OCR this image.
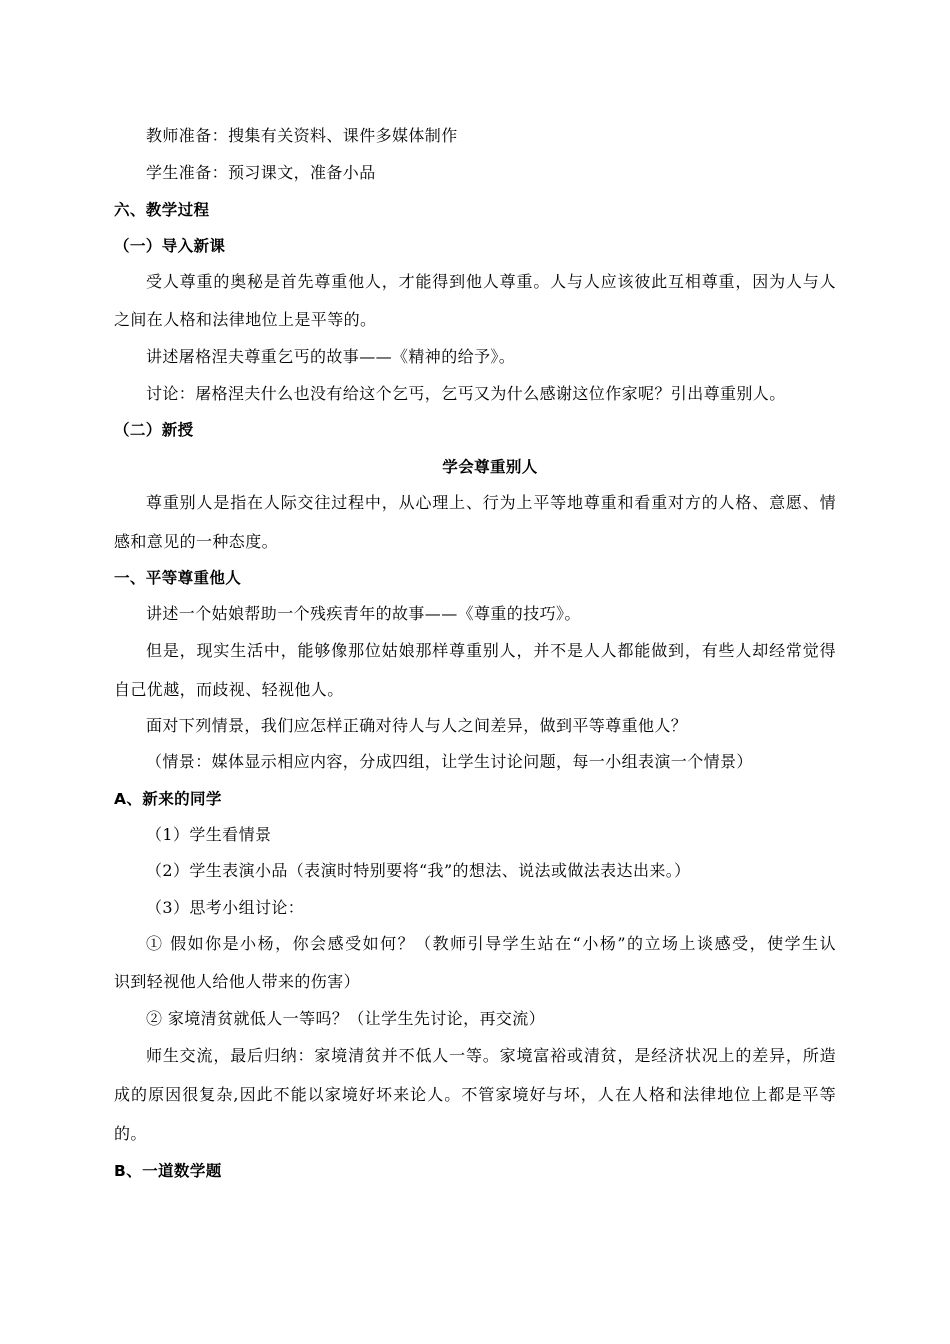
教师准备：搜集有关资料、课件多媒体制作
学生准备：预习课文，准备小品
六、教学过程
（一）导入新课
受人尊重的奥秘是首先尊重他人，才能得到他人尊重。人与人应该彼此互相尊重，因为人与人
之间在人格和法律地位上是平等的。
讲述屠格涅夫尊重乞丐的故事——《精神的给予》。
讨论：屠格涅夫什么也没有给这个乞丐，乞丐又为什么感谢这位作家呢？引出尊重别人。
（二）新授
学会尊重别人
尊重别人是指在人际交往过程中，从心理上、行为上平等地尊重和看重对方的人格、意愿、情
感和意见的一种态度。
一、平等尊重他人
讲述一个姑娘帮助一个残疾青年的故事——《尊重的技巧》。
但是，现实生活中，能够像那位姑娘那样尊重别人，并不是人人都能做到，有些人却经常觉得
自己优越，而歧视、轻视他人。
面对下列情景，我们应怎样正确对待人与人之间差异，做到平等尊重他人？
（情景：媒体显示相应内容，分成四组，让学生讨论问题，每一小组表演一个情景）
A、新来的同学
（1）学生看情景
（2）学生表演小品（表演时特别要将“我”的想法、说法或做法表达出来。）
（3）思考小组讨论：
① 假如你是小杨，你会感受如何？（教师引导学生站在“小杨”的立场上谈感受，使学生认
识到轻视他人给他人带来的伤害）
② 家境清贫就低人一等吗？（让学生先讨论，再交流）
师生交流，最后归纳：家境清贫并不低人一等。家境富裕或清贫，是经济状况上的差异，所造
成的原因很复杂,因此不能以家境好坏来论人。不管家境好与坏，人在人格和法律地位上都是平等
的。
B、一道数学题
